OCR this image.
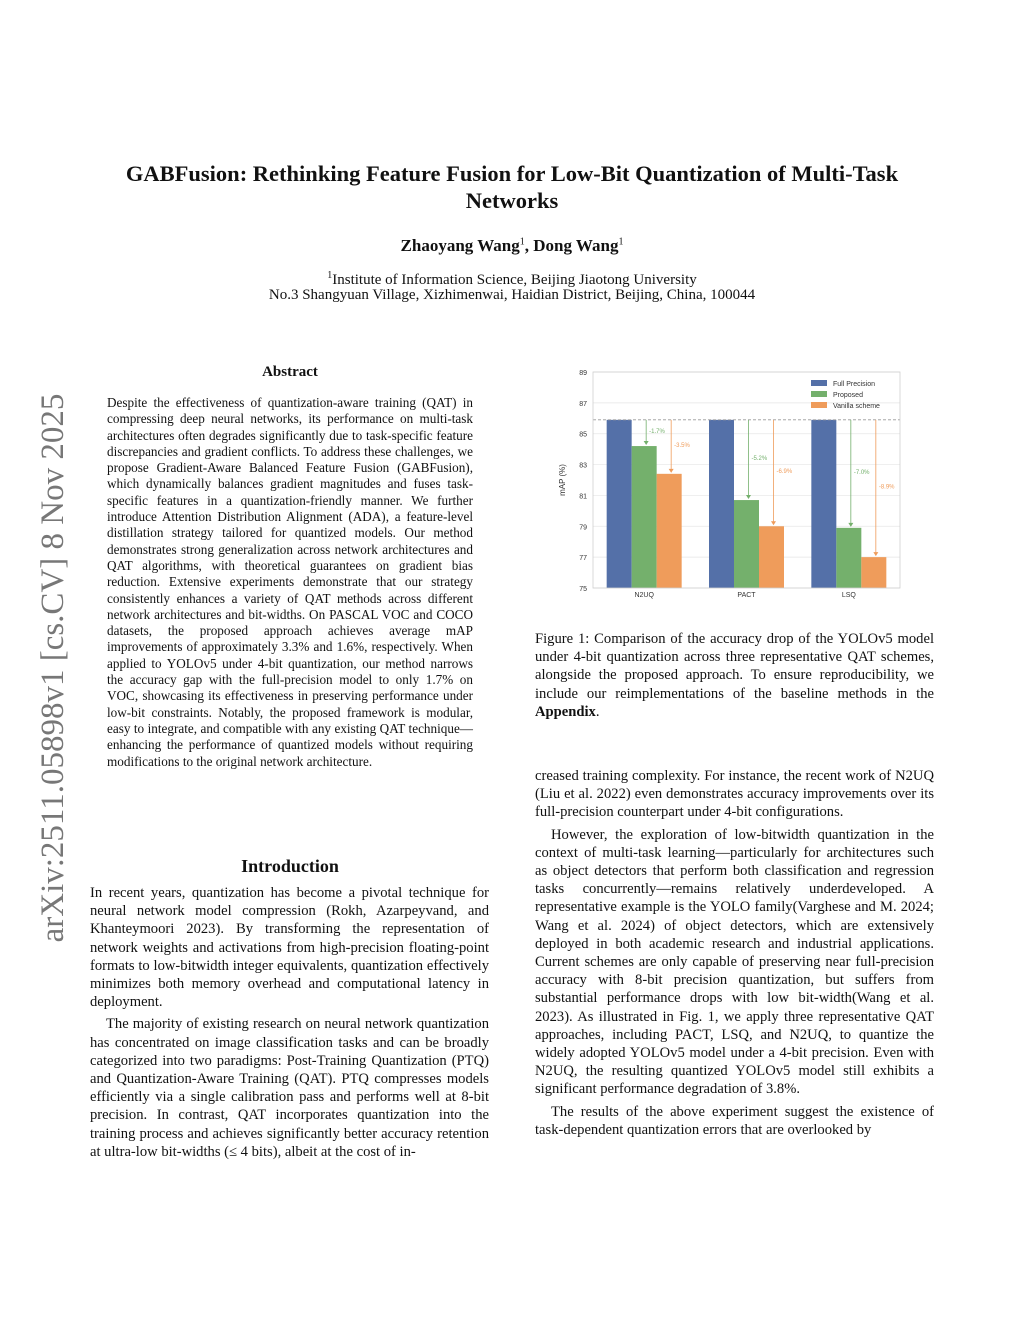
arXiv:2511.05898v1 [cs.CV] 8 Nov 2025
GABFusion: Rethinking Feature Fusion for Low-Bit Quantization of Multi-Task Networks
Zhaoyang Wang$^1$, Dong Wang$^1$
$^1$Institute of Information Science, Beijing Jiaotong University
No.3 Shangyuan Village, Xizhimenwai, Haidian District, Beijing, China, 100044
Abstract

Despite the effectiveness of quantization-aware training (QAT) in compressing deep neural networks, its performance on multi-task architectures often degrades significantly due to task-specific feature discrepancies and gradient conflicts. To address these challenges, we propose Gradient-Aware Balanced Feature Fusion (GABFusion), which dynamically balances gradient magnitudes and fuses task-specific features in a quantization-friendly manner. We further introduce Attention Distribution Alignment (ADA), a feature-level distillation strategy tailored for quantized models. Our method demonstrates strong generalization across network architectures and QAT algorithms, with theoretical guarantees on gradient bias reduction. Extensive experiments demonstrate that our strategy consistently enhances a variety of QAT methods across different network architectures and bit-widths. On PASCAL VOC and COCO datasets, the proposed approach achieves average mAP improvements of approximately 3.3% and 1.6%, respectively. When applied to YOLOv5 under 4-bit quantization, our method narrows the accuracy gap with the full-precision model to only 1.7% on VOC, showcasing its effectiveness in preserving performance under low-bit constraints. Notably, the proposed framework is modular, easy to integrate, and compatible with any existing QAT technique—enhancing the performance of quantized models without requiring modifications to the original network architecture.

Introduction

In recent years, quantization has become a pivotal technique for neural network model compression (Rokh, Azarpeyvand, and Khanteymoori 2023). By transforming the representation of network weights and activations from high-precision floating-point formats to low-bitwidth integer equivalents, quantization effectively minimizes both memory overhead and computational latency in deployment.

The majority of existing research on neural network quantization has concentrated on image classification tasks and can be broadly categorized into two paradigms: Post-Training Quantization (PTQ) and Quantization-Aware Training (QAT). PTQ compresses models efficiently via a single calibration pass and performs well at 8-bit precision. In contrast, QAT incorporates quantization into the training process and achieves significantly better accuracy retention at ultra-low bit-widths (≤ 4 bits), albeit at the cost of in-

-1.7%
-3.5%
-5.2%
-6.9%	-7.0%
-8.9%
75
77
79
81
83
85
87
89
N2UQ	PACT	LSQ
mAP (%)
Full Precision
Proposed
Vanilla scheme

Figure 1: Comparison of the accuracy drop of the YOLOv5 model under 4-bit quantization across three representative QAT schemes, alongside the proposed approach. To ensure reproducibility, we include our reimplementations of the baseline methods in the Appendix.

creased training complexity. For instance, the recent work of N2UQ (Liu et al. 2022) even demonstrates accuracy improvements over its full-precision counterpart under 4-bit configurations.

However, the exploration of low-bitwidth quantization in the context of multi-task learning—particularly for architectures such as object detectors that perform both classification and regression tasks concurrently—remains relatively underdeveloped. A representative example is the YOLO family(Varghese and M. 2024; Wang et al. 2024) of object detectors, which are extensively deployed in both academic research and industrial applications. Current schemes are only capable of preserving near full-precision accuracy with 8-bit precision quantization, but suffers from substantial performance drops with low bit-width(Wang et al. 2023). As illustrated in Fig. 1, we apply three representative QAT approaches, including PACT, LSQ, and N2UQ, to quantize the widely adopted YOLOv5 model under a 4-bit precision. Even with N2UQ, the resulting quantized YOLOv5 model still exhibits a significant performance degradation of 3.8%.

The results of the above experiment suggest the existence of task-dependent quantization errors that are overlooked by
